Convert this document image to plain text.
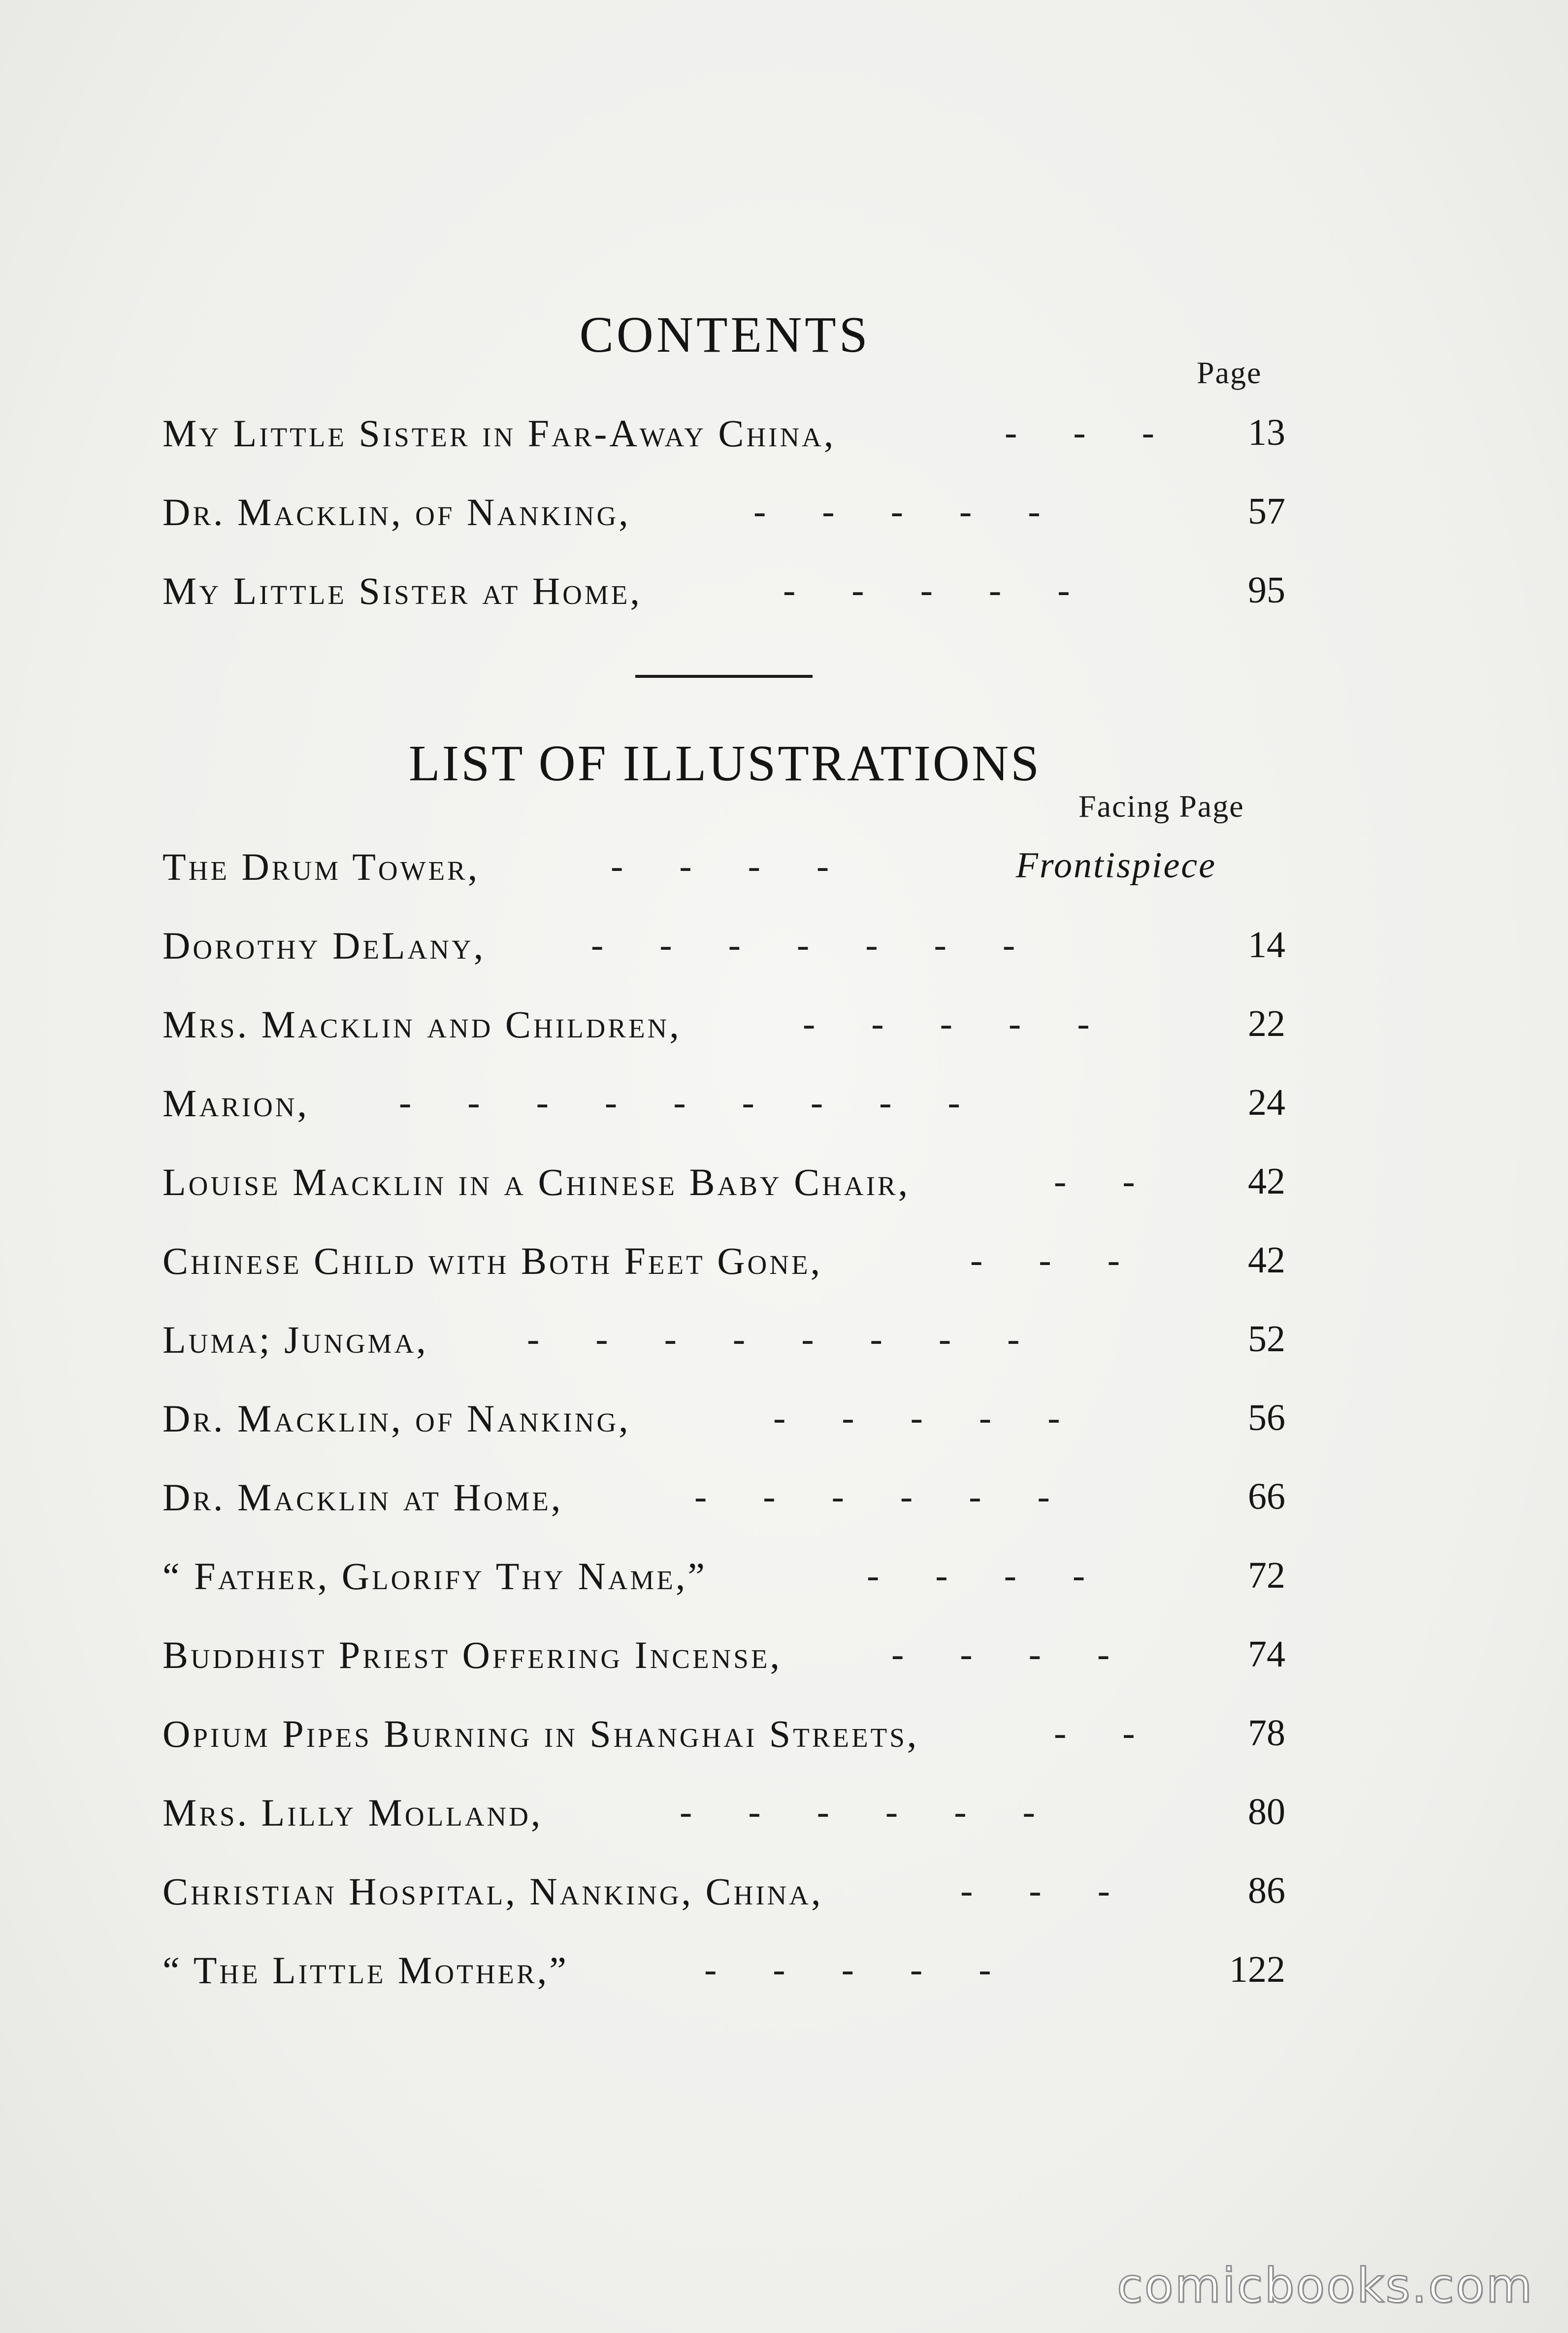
CONTENTS
Page
My Little Sister in Far-Away China,	-      -      -	13
Dr. Macklin, of Nanking,	-      -      -      -      -	57
My Little Sister at Home,	-      -      -      -      -	95
LIST OF ILLUSTRATIONS
Facing Page
The Drum Tower,	-      -      -      -	Frontispiece
Dorothy DeLany,	-      -      -      -      -      -      -	14
Mrs. Macklin and Children,	-      -      -      -      -	22
Marion, -      -      -      -      -      -      -      -      -	24
Louise Macklin in a Chinese Baby Chair,	-      -	42
Chinese Child with Both Feet Gone,	-      -      -	42
Luma; Jungma,	-      -      -      -      -      -      -      -	52
Dr. Macklin, of Nanking,	-      -      -      -      -	56
Dr. Macklin at Home,	-      -      -      -      -      -	66
“ Father, Glorify Thy Name,”	-      -      -      -	72
Buddhist Priest Offering Incense,	-      -      -      -	74
Opium Pipes Burning in Shanghai Streets,	-      -	78
Mrs. Lilly Molland,	-      -      -      -      -      -	80
Christian Hospital, Nanking, China,	-      -      -	86
“ The Little Mother,”	-      -      -      -      -	122
comicbooks.com
